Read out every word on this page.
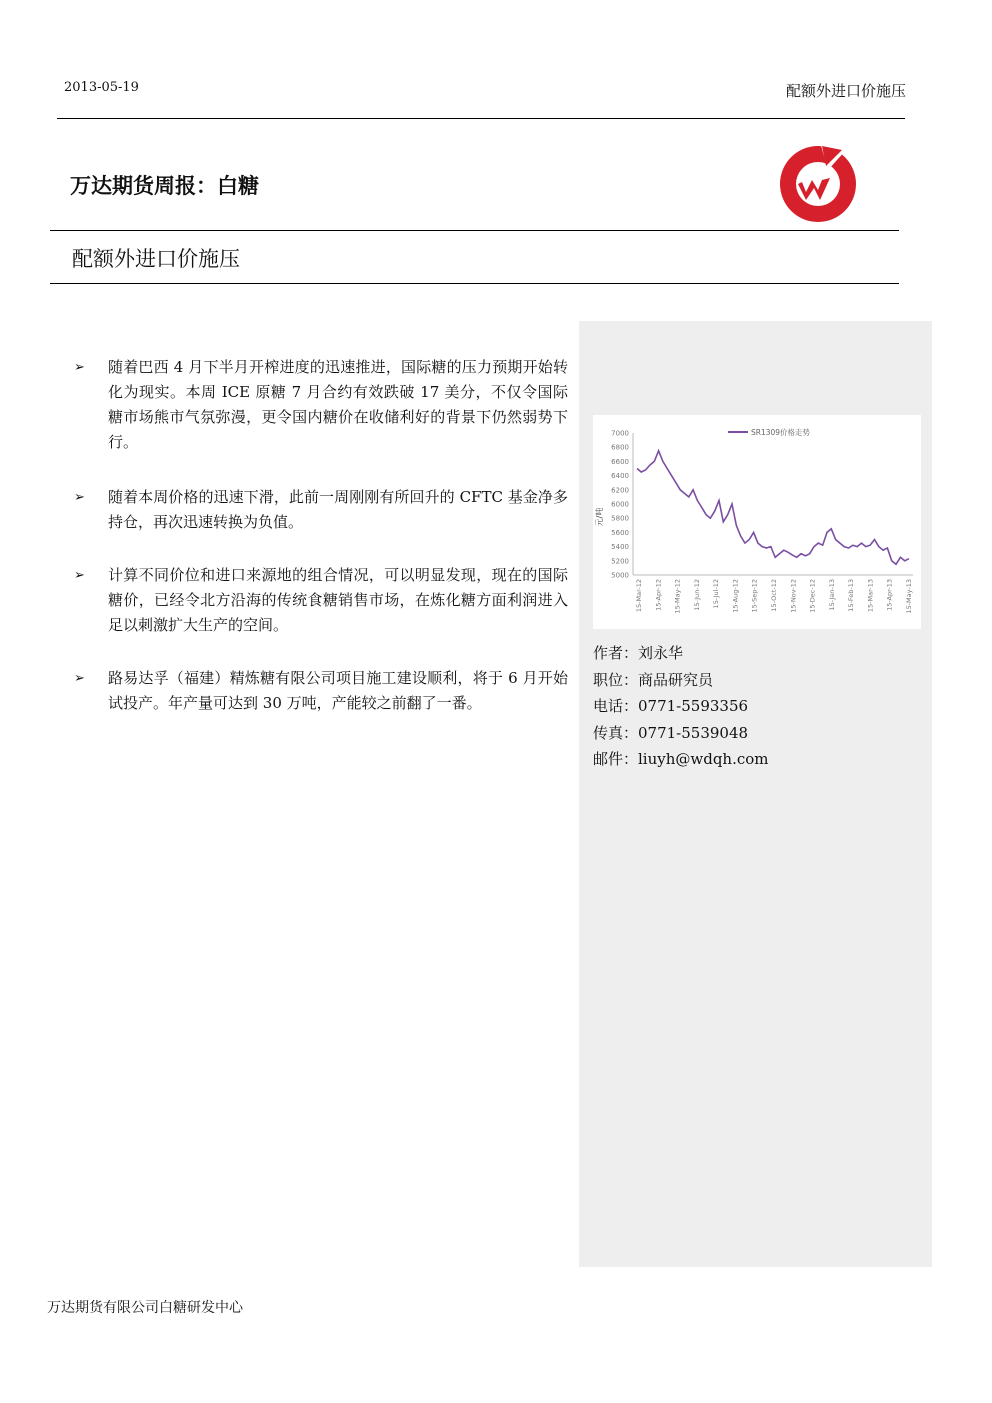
2013-05-19	配额外进口价施压
万达期货周报：白糖
配额外进口价施压
➢ 随着巴西 4 月下半月开榨进度的迅速推进，国际糖的压力预期开始转化为现实。本周 ICE 原糖 7 月合约有效跌破 17 美分，不仅令国际糖市场熊市气氛弥漫，更令国内糖价在收储利好的背景下仍然弱势下行。
➢ 随着本周价格的迅速下滑，此前一周刚刚有所回升的 CFTC 基金净多持仓，再次迅速转换为负值。
➢ 计算不同价位和进口来源地的组合情况，可以明显发现，现在的国际糖价，已经令北方沿海的传统食糖销售市场，在炼化糖方面利润进入足以刺激扩大生产的空间。
➢ 路易达孚（福建）精炼糖有限公司项目施工建设顺利，将于 6 月开始试投产。年产量可达到 30 万吨，产能较之前翻了一番。
5000
5200
5400
5600
5800
6000
6200
6400
6600
6800
7000
15-Mar-12 15-Apr-12 15-May-12 15-Jun-12 15-Jul-12 15-Aug-12 15-Sep-12 15-Oct-12 15-Nov-12 15-Dec-12 15-Jan-13 15-Feb-13 15-Mar-13 15-Apr-13 15-May-13
SR1309价格走势
元/吨
作者：刘永华
职位：商品研究员
电话：0771-5593356
传真：0771-5539048
邮件：liuyh@wdqh.com
万达期货有限公司白糖研发中心
